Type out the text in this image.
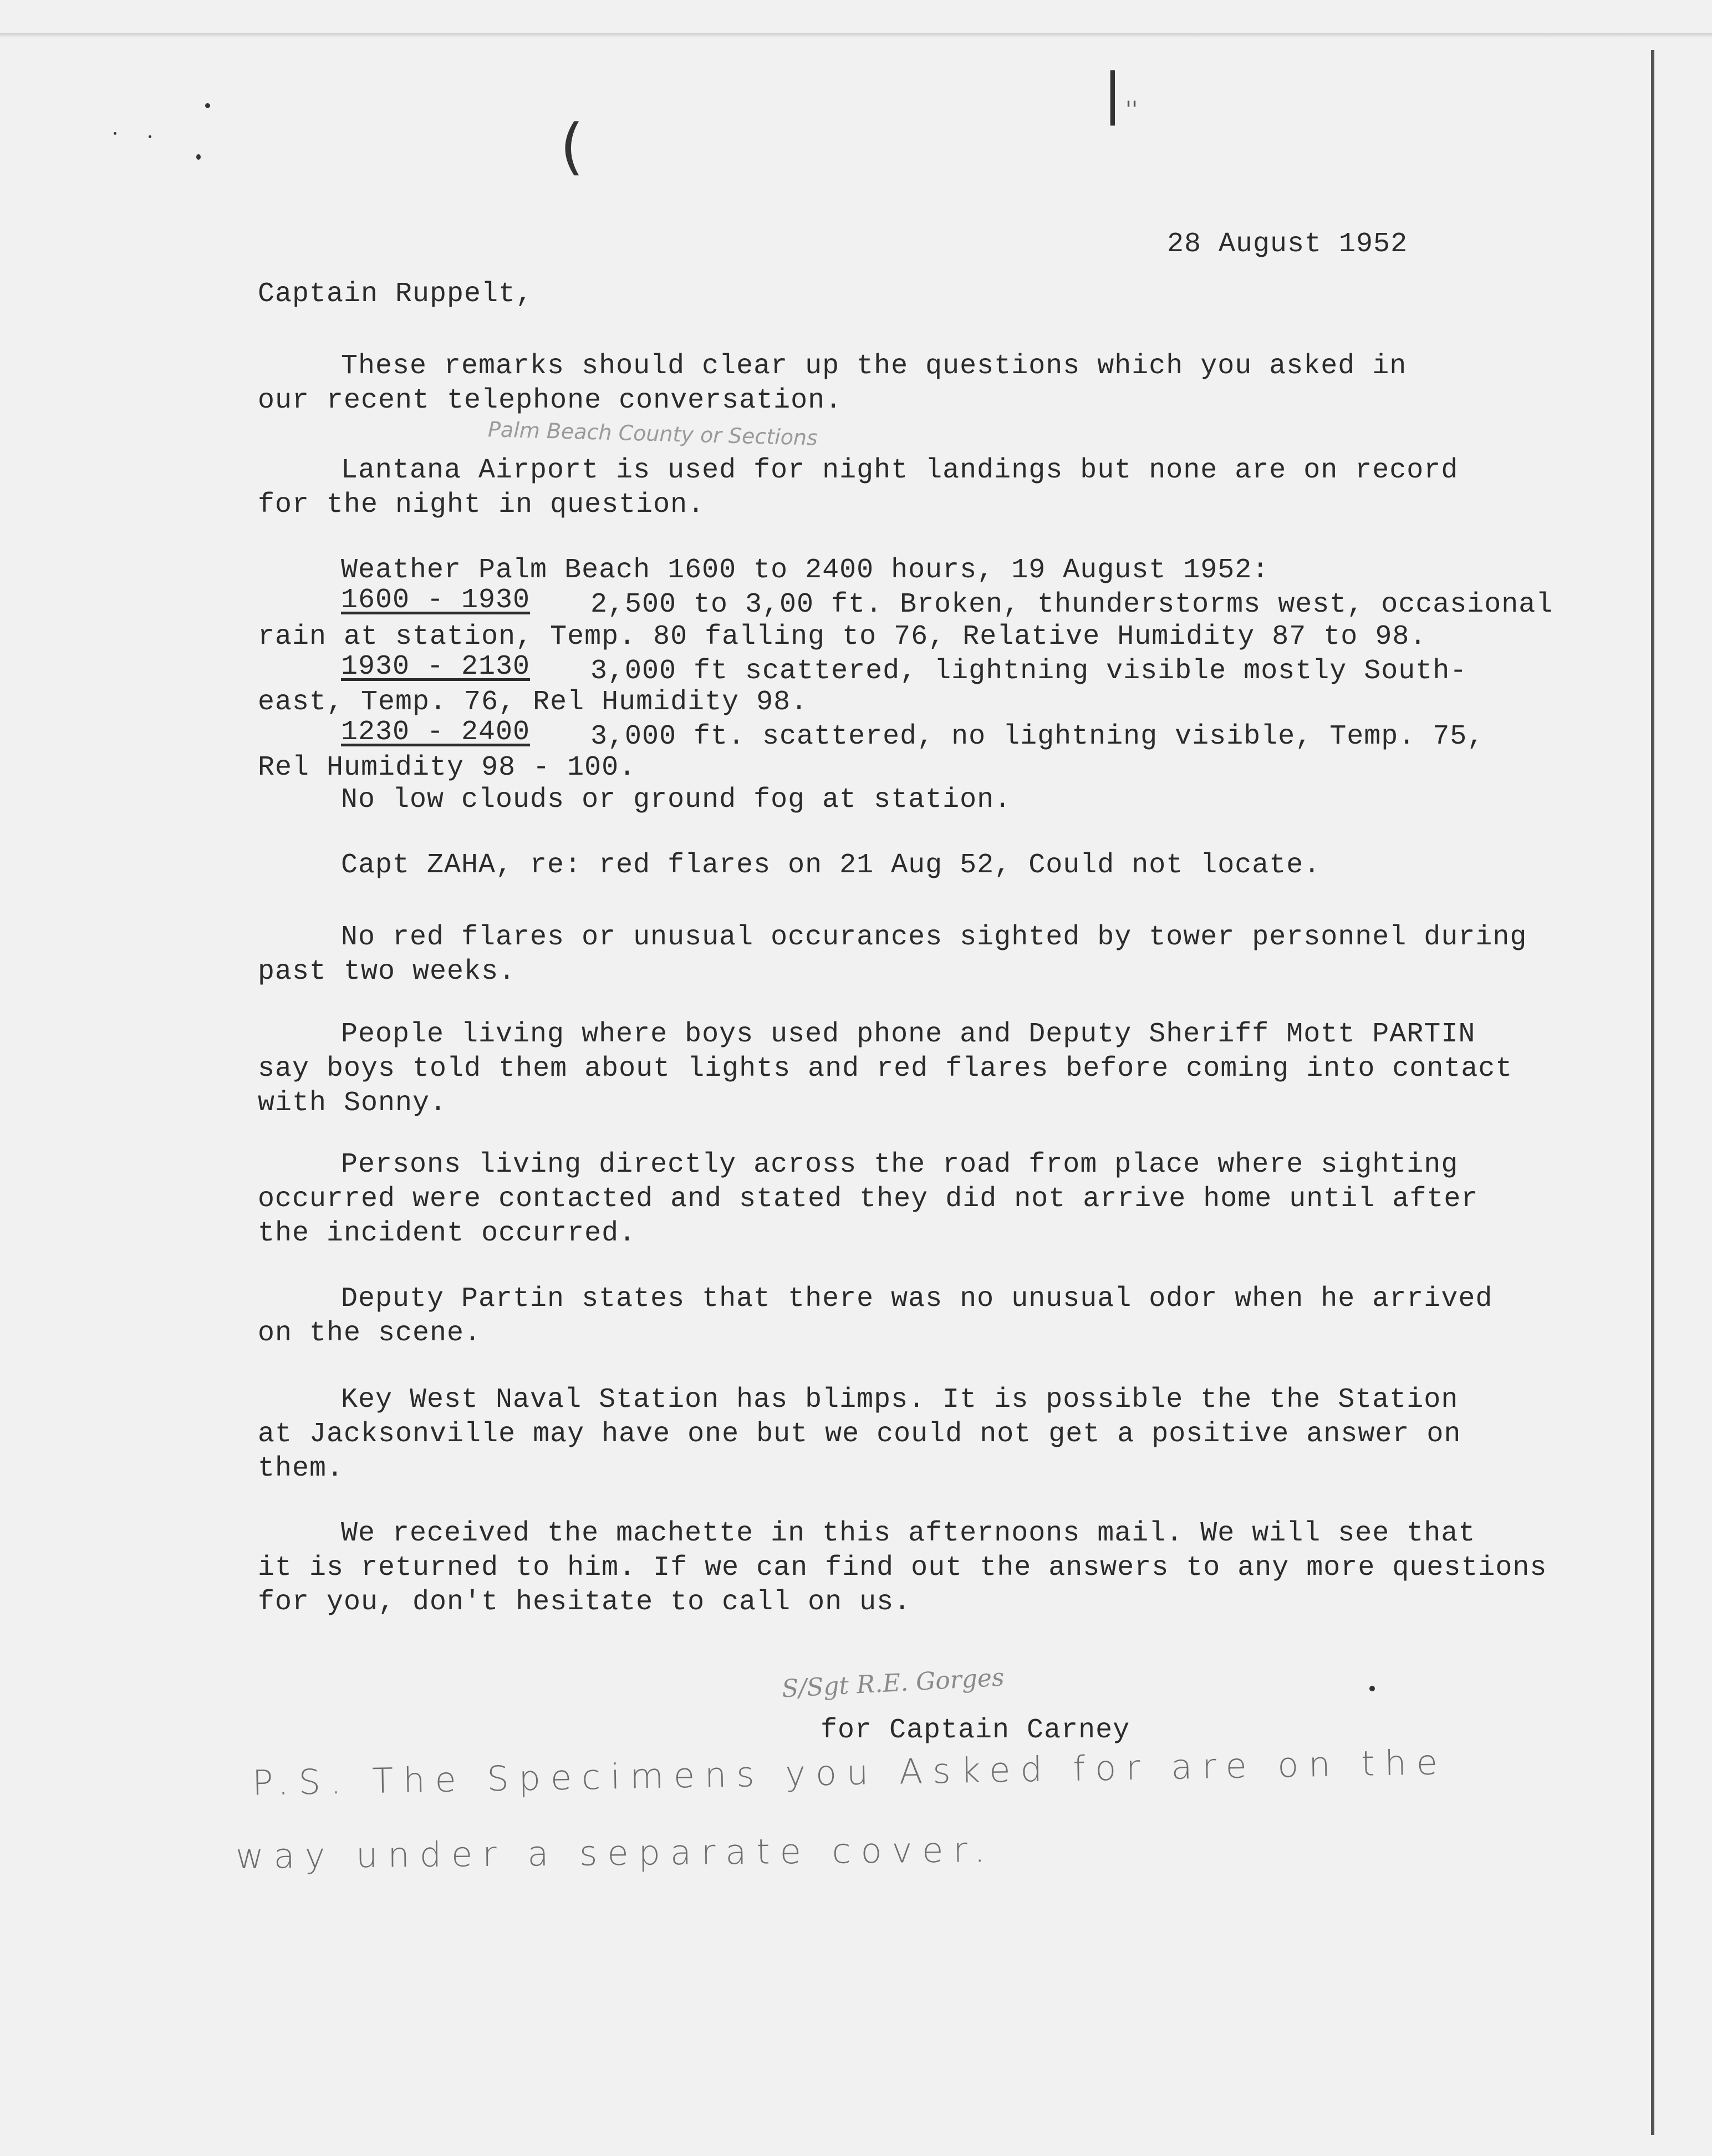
(
| ''
28 August 1952
Captain Ruppelt,
These remarks should clear up the questions which you asked in
our recent telephone conversation.
Palm Beach County or Sections
Lantana Airport is used for night landings but none are on record
for the night in question.
Weather Palm Beach 1600 to 2400 hours, 19 August 1952:
1600 - 1930 2,500 to 3,00 ft. Broken, thunderstorms west, occasional
rain at station, Temp. 80 falling to 76, Relative Humidity 87 to 98.
1930 - 2130 3,000 ft scattered, lightning visible mostly South-
east, Temp. 76, Rel Humidity 98.
1230 - 2400 3,000 ft. scattered, no lightning visible, Temp. 75,
Rel Humidity 98 - 100.
No low clouds or ground fog at station.
Capt ZAHA, re: red flares on 21 Aug 52, Could not locate.
No red flares or unusual occurances sighted by tower personnel during
past two weeks.
People living where boys used phone and Deputy Sheriff Mott PARTIN
say boys told them about lights and red flares before coming into contact
with Sonny.
Persons living directly across the road from place where sighting
occurred were contacted and stated they did not arrive home until after
the incident occurred.
Deputy Partin states that there was no unusual odor when he arrived
on the scene.
Key West Naval Station has blimps. It is possible the the Station
at Jacksonville may have one but we could not get a positive answer on
them.
We received the machette in this afternoons mail. We will see that
it is returned to him. If we can find out the answers to any more questions
for you, don't hesitate to call on us.
S/Sgt R.E. Gorges
for Captain Carney
P.S. The Specimens you Asked for are on the
way under a separate cover.
